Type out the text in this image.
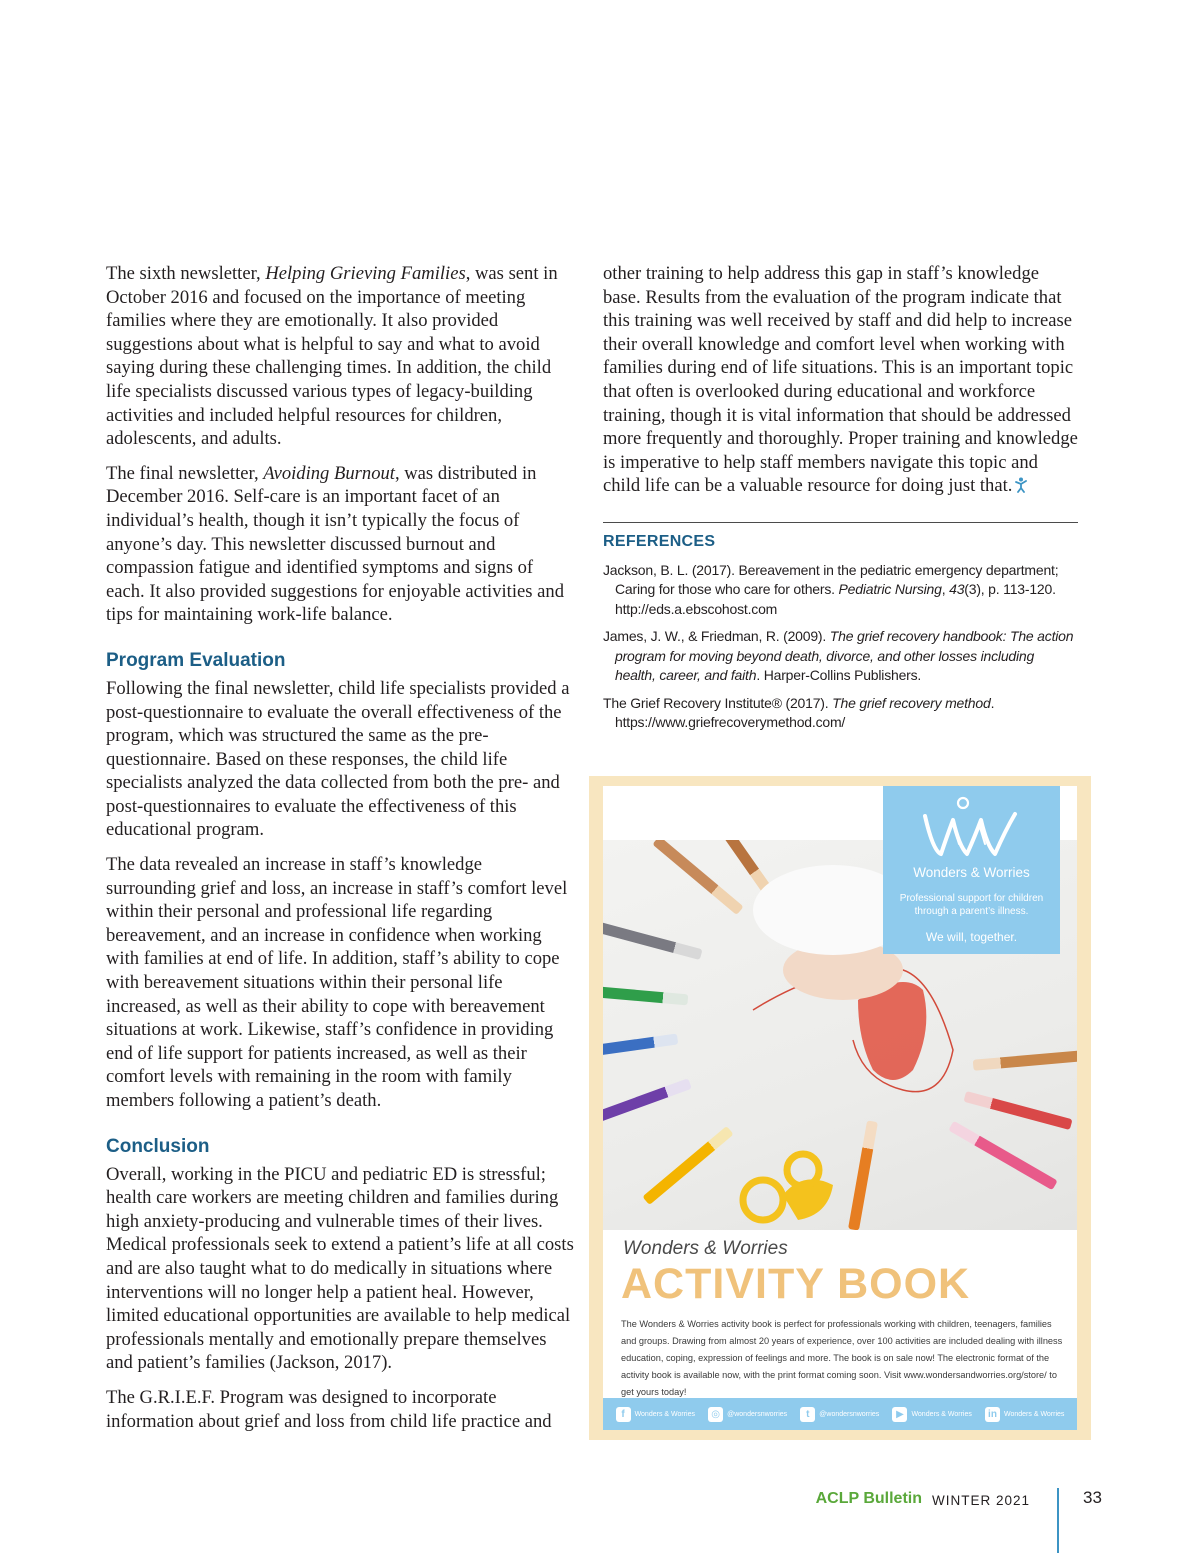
The sixth newsletter, Helping Grieving Families, was sent in October 2016 and focused on the importance of meeting families where they are emotionally. It also provided suggestions about what is helpful to say and what to avoid saying during these challenging times. In addition, the child life specialists discussed various types of legacy-building activities and included helpful resources for children, adolescents, and adults.

The final newsletter, Avoiding Burnout, was distributed in December 2016. Self-care is an important facet of an individual’s health, though it isn’t typically the focus of anyone’s day. This newsletter discussed burnout and compassion fatigue and identified symptoms and signs of each. It also provided suggestions for enjoyable activities and tips for maintaining work-life balance.

Program Evaluation

Following the final newsletter, child life specialists provided a post-questionnaire to evaluate the overall effectiveness of the program, which was structured the same as the pre-questionnaire. Based on these responses, the child life specialists analyzed the data collected from both the pre- and post-questionnaires to evaluate the effectiveness of this educational program.

The data revealed an increase in staff’s knowledge surrounding grief and loss, an increase in staff’s comfort level within their personal and professional life regarding bereavement, and an increase in confidence when working with families at end of life. In addition, staff’s ability to cope with bereavement situations within their personal life increased, as well as their ability to cope with bereavement situations at work. Likewise, staff’s confidence in providing end of life support for patients increased, as well as their comfort levels with remaining in the room with family members following a patient’s death.

Conclusion

Overall, working in the PICU and pediatric ED is stressful; health care workers are meeting children and families during high anxiety-producing and vulnerable times of their lives. Medical professionals seek to extend a patient’s life at all costs and are also taught what to do medically in situations where interventions will no longer help a patient heal. However, limited educational opportunities are available to help medical professionals mentally and emotionally prepare themselves and patient’s families (Jackson, 2017).

The G.R.I.E.F. Program was designed to incorporate information about grief and loss from child life practice and

other training to help address this gap in staff’s knowledge base. Results from the evaluation of the program indicate that this training was well received by staff and did help to increase their overall knowledge and comfort level when working with families during end of life situations. This is an important topic that often is overlooked during educational and workforce training, though it is vital information that should be addressed more frequently and thoroughly. Proper training and knowledge is imperative to help staff members navigate this topic and child life can be a valuable resource for doing just that.

REFERENCES

Jackson, B. L. (2017). Bereavement in the pediatric emergency department; Caring for those who care for others. Pediatric Nursing, 43(3), p. 113-120. http://eds.a.ebscohost.com

James, J. W., & Friedman, R. (2009). The grief recovery handbook: The action program for moving beyond death, divorce, and other losses including health, career, and faith. Harper-Collins Publishers.

The Grief Recovery Institute® (2017). The grief recovery method. https://www.griefrecoverymethod.com/

Wonders & Worries
Professional support for children through a parent’s illness.
We will, together.
Wonders & Worries
ACTIVITY BOOK
The Wonders & Worries activity book is perfect for professionals working with children, teenagers, families and groups. Drawing from almost 20 years of experience, over 100 activities are included dealing with illness education, coping, expression of feelings and more. The book is on sale now! The electronic format of the activity book is available now, with the print format coming soon. Visit www.wondersandworries.org/store/ to get yours today!
f	Wonders & Worries	◎	@wondersnworries	t	@wondersnworries	▶	Wonders & Worries	in	Wonders & Worries
ACLP Bulletin WINTER 2021	33
